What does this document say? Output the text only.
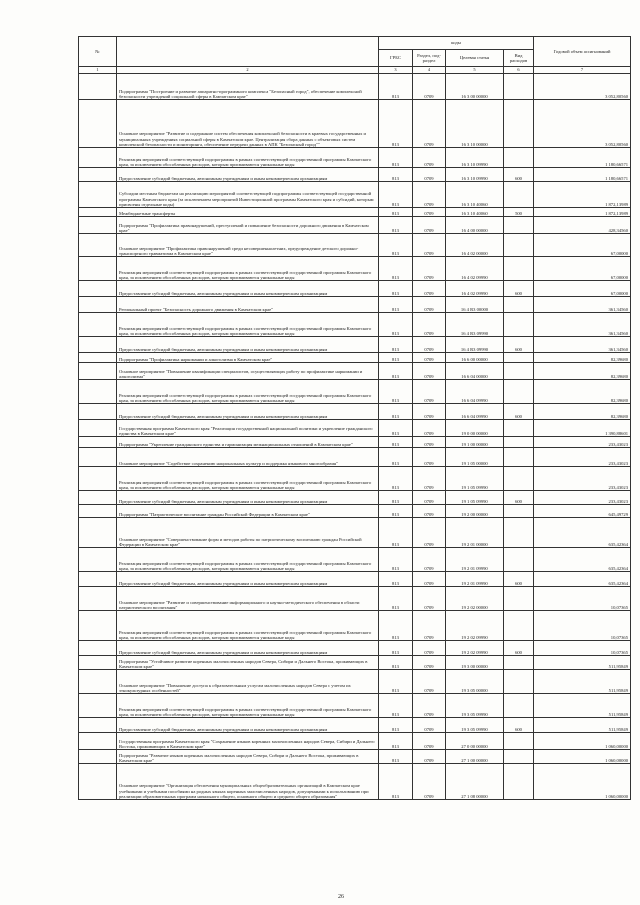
№		коды				Годовой объем ассигнований
		ГРБС	Раздел, под-раздел	Целевая статья	Вид расходов	
1	2	3	4	5	6	7
	Подпрограмма "Построение и развитие аппаратно-программного комплекса "Безопасный город", обеспечение комплексной безопасности учреждений социальной сферы в Камчатском крае"	813	0709	16 3 00 00000		3 052,80560
	Основное мероприятие "Развитие и содержание систем обеспечения комплексной безопасности в краевых государственных и муниципальных учреждениях социальной сферы в Камчатском крае. Централизация сбора данных с объектовых систем комплексной безопасности и мониторинга, обеспечение передачи данных в АПК "Безопасный город""	813	0709	16 3 10 00000		3 052,80560
	Реализация мероприятий соответствующей подпрограммы в рамках соответствующей государственной программы Камчатского края, за исключением обособленных расходов, которым присваиваются уникальные коды	813	0709	16 3 10 09990		1 180,66571
	Предоставление субсидий бюджетным, автономным учреждениям и иным некоммерческим организациям	813	0709	16 3 10 09990	600	1 180,66571
	Субсидии местным бюджетам на реализацию мероприятий соответствующей подпрограммы соответствующей государственной программы Камчатского края (за исключением мероприятий Инвестиционной программы Камчатского края и субсидий, которым присвоены отдельные коды)	813	0709	16 3 10 40060		1 872,13989
	Межбюджетные трансферты	813	0709	16 3 10 40060	500	1 872,13989
	Подпрограмма "Профилактика правонарушений, преступлений и повышение безопасности дорожного движения в Камчатском крае"	813	0709	16 4 00 00000		428,34560
	Основное мероприятие "Профилактика правонарушений среди несовершеннолетних, предупреждение детского дорожно-транспортного травматизма в Камчатском крае"	813	0709	16 4 02 00000		67,00000
	Реализация мероприятий соответствующей подпрограммы в рамках соответствующей государственной программы Камчатского края, за исключением обособленных расходов, которым присваиваются уникальные коды	813	0709	16 4 02 09990		67,00000
	Предоставление субсидий бюджетным, автономным учреждениям и иным некоммерческим организациям	813	0709	16 4 02 09990	600	67,00000
	Региональный проект "Безопасность дорожного движения в Камчатском крае"	813	0709	16 4 R3 00000		361,34560
	Реализация мероприятий соответствующей подпрограммы в рамках соответствующей государственной программы Камчатского края, за исключением обособленных расходов, которым присваиваются уникальные коды	813	0709	16 4 R3 09990		361,34560
	Предоставление субсидий бюджетным, автономным учреждениям и иным некоммерческим организациям	813	0709	16 4 R3 09990	600	361,34560
	Подпрограмма "Профилактика наркомании и алкоголизма в Камчатском крае"	813	0709	16 6 00 00000		82,39680
	Основное мероприятие "Повышение квалификации специалистов, осуществляющих работу по профилактике наркомании и алкоголизма"	813	0709	16 6 04 00000		82,39680
	Реализация мероприятий соответствующей подпрограммы в рамках соответствующей государственной программы Камчатского края, за исключением обособленных расходов, которым присваиваются уникальные коды	813	0709	16 6 04 09990		82,39680
	Предоставление субсидий бюджетным, автономным учреждениям и иным некоммерческим организациям	813	0709	16 6 04 09990	600	82,39680
	Государственная программа Камчатского края "Реализация государственной национальной политики и укрепление гражданского единства в Камчатском крае"	813	0709	19 0 00 00000		1 390,88601
	Подпрограмма "Укрепление гражданского единства и гармонизация межнациональных отношений в Камчатском крае"	813	0709	19 1 00 00000		233,43023
	Основное мероприятие "Содействие сохранению национальных культур и поддержка языкового многообразия"	813	0709	19 1 05 00000		233,43023
	Реализация мероприятий соответствующей подпрограммы в рамках соответствующей государственной программы Камчатского края, за исключением обособленных расходов, которым присваиваются уникальные коды	813	0709	19 1 05 09990		233,43023
	Предоставление субсидий бюджетным, автономным учреждениям и иным некоммерческим организациям	813	0709	19 1 05 09990	600	233,43023
	Подпрограмма "Патриотическое воспитание граждан Российской Федерации в Камчатском крае"	813	0709	19 2 00 00000		645,49729
	Основное мероприятие "Совершенствование форм и методов работы по патриотическому воспитанию граждан Российской Федерации в Камчатском крае"	813	0709	19 2 01 00000		635,42364
	Реализация мероприятий соответствующей подпрограммы в рамках соответствующей государственной программы Камчатского края, за исключением обособленных расходов, которым присваиваются уникальные коды	813	0709	19 2 01 09990		635,42364
	Предоставление субсидий бюджетным, автономным учреждениям и иным некоммерческим организациям	813	0709	19 2 01 09990	600	635,42364
	Основное мероприятие "Развитие и совершенствование информационного и научно-методического обеспечения в области патриотического воспитания"	813	0709	19 2 02 00000		10,07365
	Реализация мероприятий соответствующей подпрограммы в рамках соответствующей государственной программы Камчатского края, за исключением обособленных расходов, которым присваиваются уникальные коды	813	0709	19 2 02 09990		10,07365
	Предоставление субсидий бюджетным, автономным учреждениям и иным некоммерческим организациям	813	0709	19 2 02 09990	600	10,07365
	Подпрограмма "Устойчивое развитие коренных малочисленных народов Севера, Сибири и Дальнего Востока, проживающих в Камчатском крае"	813	0709	19 3 00 00000		511,95849
	Основное мероприятие "Повышение доступа к образовательным услугам малочисленных народов Севера с учетом их этнокультурных особенностей"	813	0709	19 3 05 00000		511,95849
	Реализация мероприятий соответствующей подпрограммы в рамках соответствующей государственной программы Камчатского края, за исключением обособленных расходов, которым присваиваются уникальные коды	813	0709	19 3 05 09990		511,95849
	Предоставление субсидий бюджетным, автономным учреждениям и иным некоммерческим организациям	813	0709	19 3 05 09990	600	511,95849
	Государственная программа Камчатского края "Сохранение языков коренных малочисленных народов Севера, Сибири и Дальнего Востока, проживающих в Камчатском крае"	813	0709	27 0 00 00000		1 060,00000
	Подпрограмма "Развитие языков коренных малочисленных народов Севера, Сибири и Дальнего Востока, проживающих в Камчатском крае"	813	0709	27 1 00 00000		1 060,00000
	Основное мероприятие "Организация обеспечения муниципальных общеобразовательных организаций в Камчатском крае учебниками и учебными пособиями на родных языках коренных малочисленных народов, допущенными к использованию при реализации образовательных программ начального общего, основного общего и среднего общего образования"	813	0709	27 1 08 00000		1 060,00000
26
